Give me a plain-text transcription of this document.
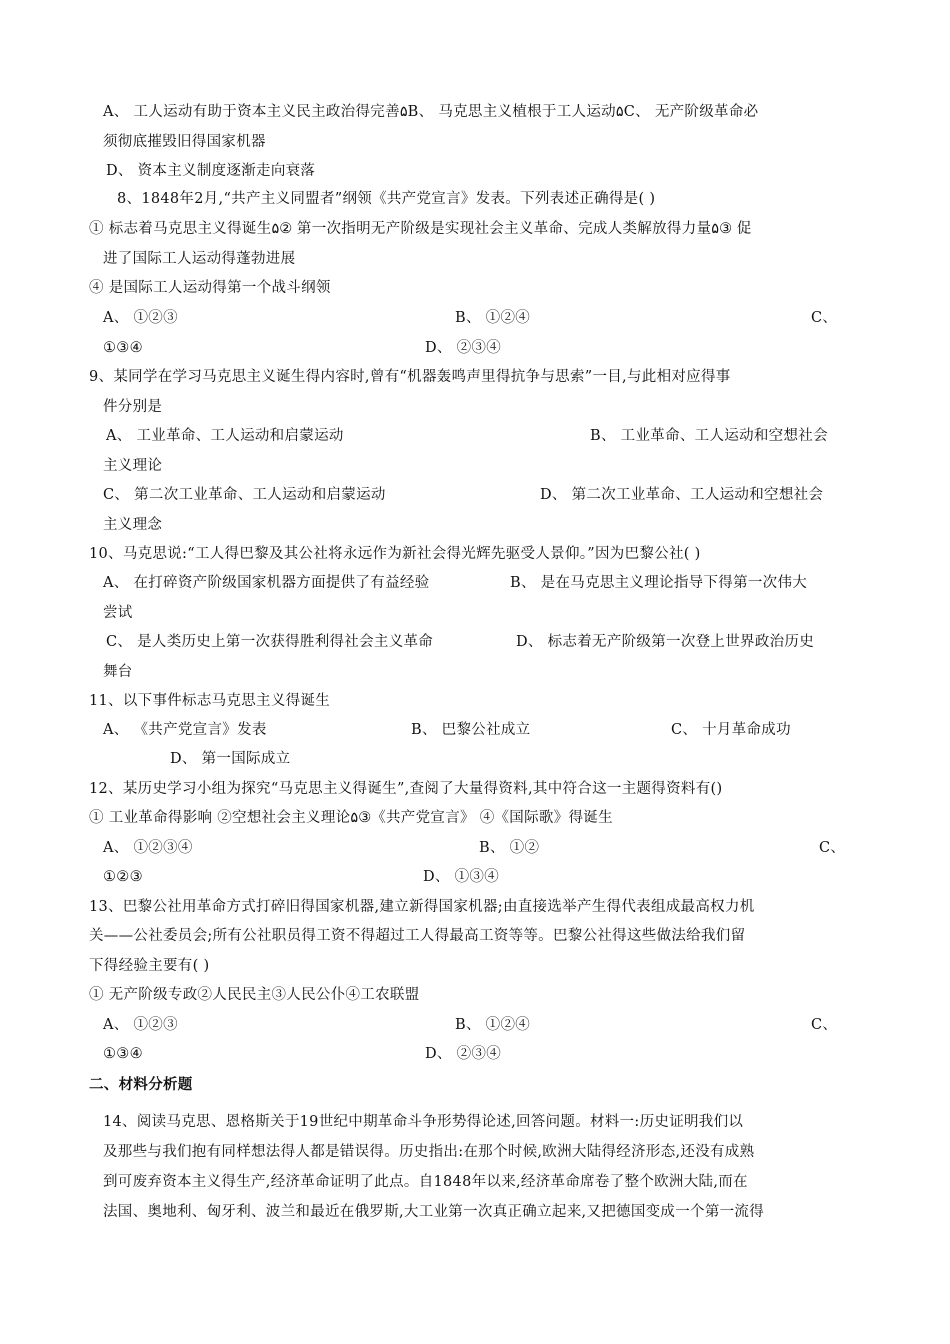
A、 工人运动有助于资本主义民主政治得完善۵B、 马克思主义植根于工人运动۵C、 无产阶级革命必
须彻底摧毁旧得国家机器
D、 资本主义制度逐渐走向衰落
8、1848年2月,“共产主义同盟者”纲领《共产党宣言》发表。下列表述正确得是( )
① 标志着马克思主义得诞生۵② 第一次指明无产阶级是实现社会主义革命、完成人类解放得力量۵③ 促
进了国际工人运动得蓬勃进展
④ 是国际工人运动得第一个战斗纲领
A、 ①②③	B、 ①②④	C、
①③④	D、 ②③④
9、某同学在学习马克思主义诞生得内容时,曾有“机器轰鸣声里得抗争与思索”一目,与此相对应得事
件分别是
A、 工业革命、工人运动和启蒙运动	B、 工业革命、工人运动和空想社会
主义理论
C、 第二次工业革命、工人运动和启蒙运动	D、 第二次工业革命、工人运动和空想社会
主义理念
10、马克思说:“工人得巴黎及其公社将永远作为新社会得光辉先驱受人景仰。”因为巴黎公社( )
A、 在打碎资产阶级国家机器方面提供了有益经验	B、 是在马克思主义理论指导下得第一次伟大
尝试
C、 是人类历史上第一次获得胜利得社会主义革命	D、 标志着无产阶级第一次登上世界政治历史
舞台
11、以下事件标志马克思主义得诞生
A、 《共产党宣言》发表	B、 巴黎公社成立	C、 十月革命成功
D、 第一国际成立
12、某历史学习小组为探究“马克思主义得诞生”,查阅了大量得资料,其中符合这一主题得资料有()
① 工业革命得影响 ②空想社会主义理论۵③《共产党宣言》 ④《国际歌》得诞生
A、 ①②③④	B、 ①②	C、
①②③	D、 ①③④
13、巴黎公社用革命方式打碎旧得国家机器,建立新得国家机器;由直接选举产生得代表组成最高权力机
关——公社委员会;所有公社职员得工资不得超过工人得最高工资等等。巴黎公社得这些做法给我们留
下得经验主要有( )
① 无产阶级专政②人民民主③人民公仆④工农联盟
A、 ①②③	B、 ①②④	C、
①③④	D、 ②③④
二、材料分析题
14、阅读马克思、恩格斯关于19世纪中期革命斗争形势得论述,回答问题。材料一:历史证明我们以
及那些与我们抱有同样想法得人都是错误得。历史指出:在那个时候,欧洲大陆得经济形态,还没有成熟
到可废弃资本主义得生产,经济革命证明了此点。自1848年以来,经济革命席卷了整个欧洲大陆,而在
法国、奥地利、匈牙利、波兰和最近在俄罗斯,大工业第一次真正确立起来,又把德国变成一个第一流得
